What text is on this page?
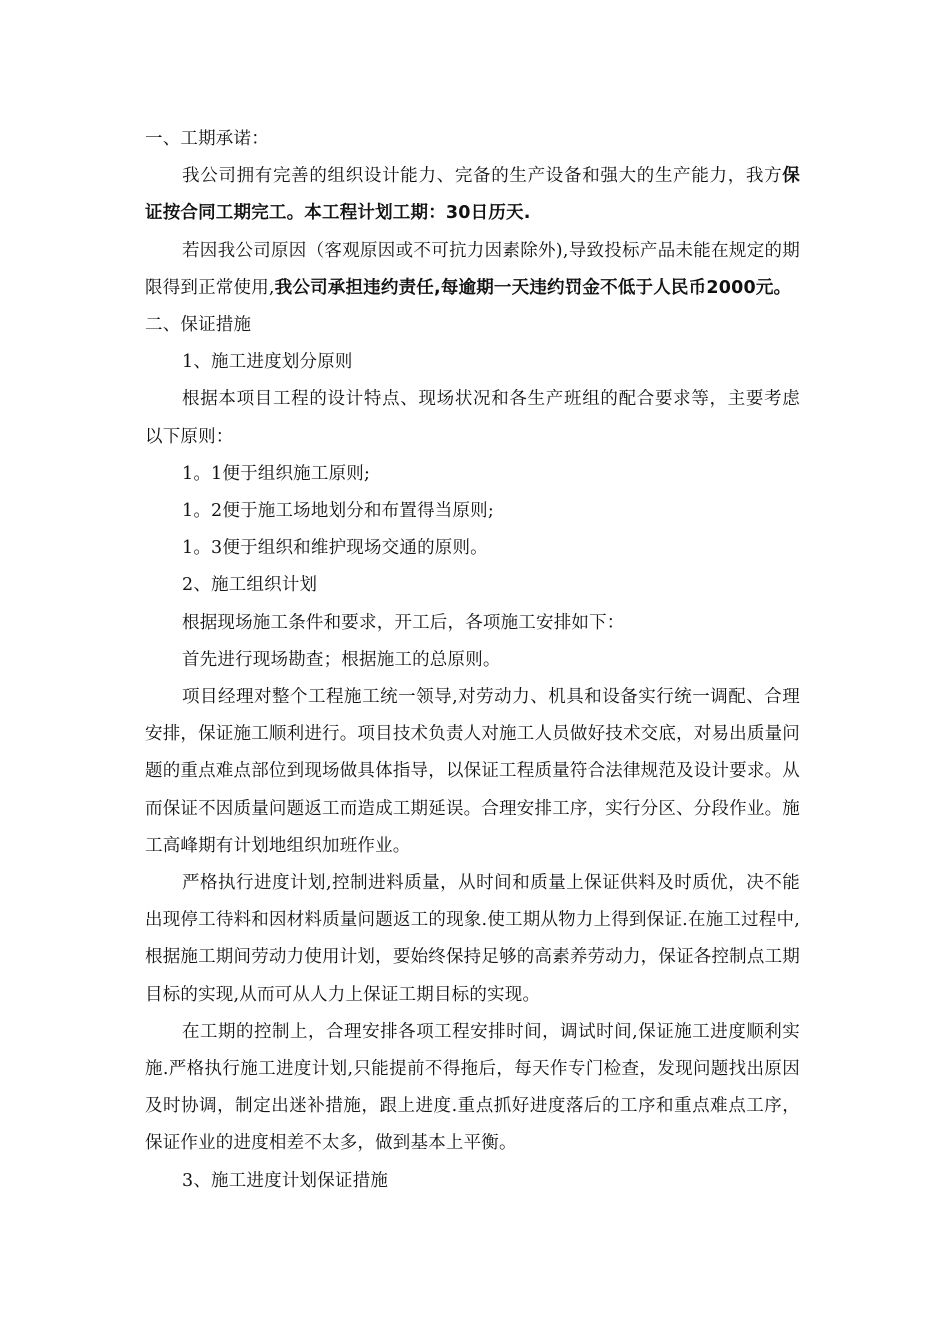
一、工期承诺：

我公司拥有完善的组织设计能力、完备的生产设备和强大的生产能力，我方保证按合同工期完工。本工程计划工期：30日历天.

若因我公司原因（客观原因或不可抗力因素除外),导致投标产品未能在规定的期限得到正常使用,我公司承担违约责任,每逾期一天违约罚金不低于人民币2000元。

二、保证措施

1、施工进度划分原则

根据本项目工程的设计特点、现场状况和各生产班组的配合要求等，主要考虑以下原则：

1。1便于组织施工原则;

1。2便于施工场地划分和布置得当原则;

1。3便于组织和维护现场交通的原则。

2、施工组织计划

根据现场施工条件和要求，开工后，各项施工安排如下：

首先进行现场勘查；根据施工的总原则。

项目经理对整个工程施工统一领导,对劳动力、机具和设备实行统一调配、合理安排，保证施工顺利进行。项目技术负责人对施工人员做好技术交底，对易出质量问题的重点难点部位到现场做具体指导，以保证工程质量符合法律规范及设计要求。从而保证不因质量问题返工而造成工期延误。合理安排工序，实行分区、分段作业。施工高峰期有计划地组织加班作业。

严格执行进度计划,控制进料质量，从时间和质量上保证供料及时质优，决不能出现停工待料和因材料质量问题返工的现象.使工期从物力上得到保证.在施工过程中,根据施工期间劳动力使用计划，要始终保持足够的高素养劳动力，保证各控制点工期目标的实现,从而可从人力上保证工期目标的实现。

在工期的控制上，合理安排各项工程安排时间，调试时间,保证施工进度顺利实施.严格执行施工进度计划,只能提前不得拖后，每天作专门检查，发现问题找出原因及时协调，制定出迷补措施，跟上进度.重点抓好进度落后的工序和重点难点工序，保证作业的进度相差不太多，做到基本上平衡。

3、施工进度计划保证措施
